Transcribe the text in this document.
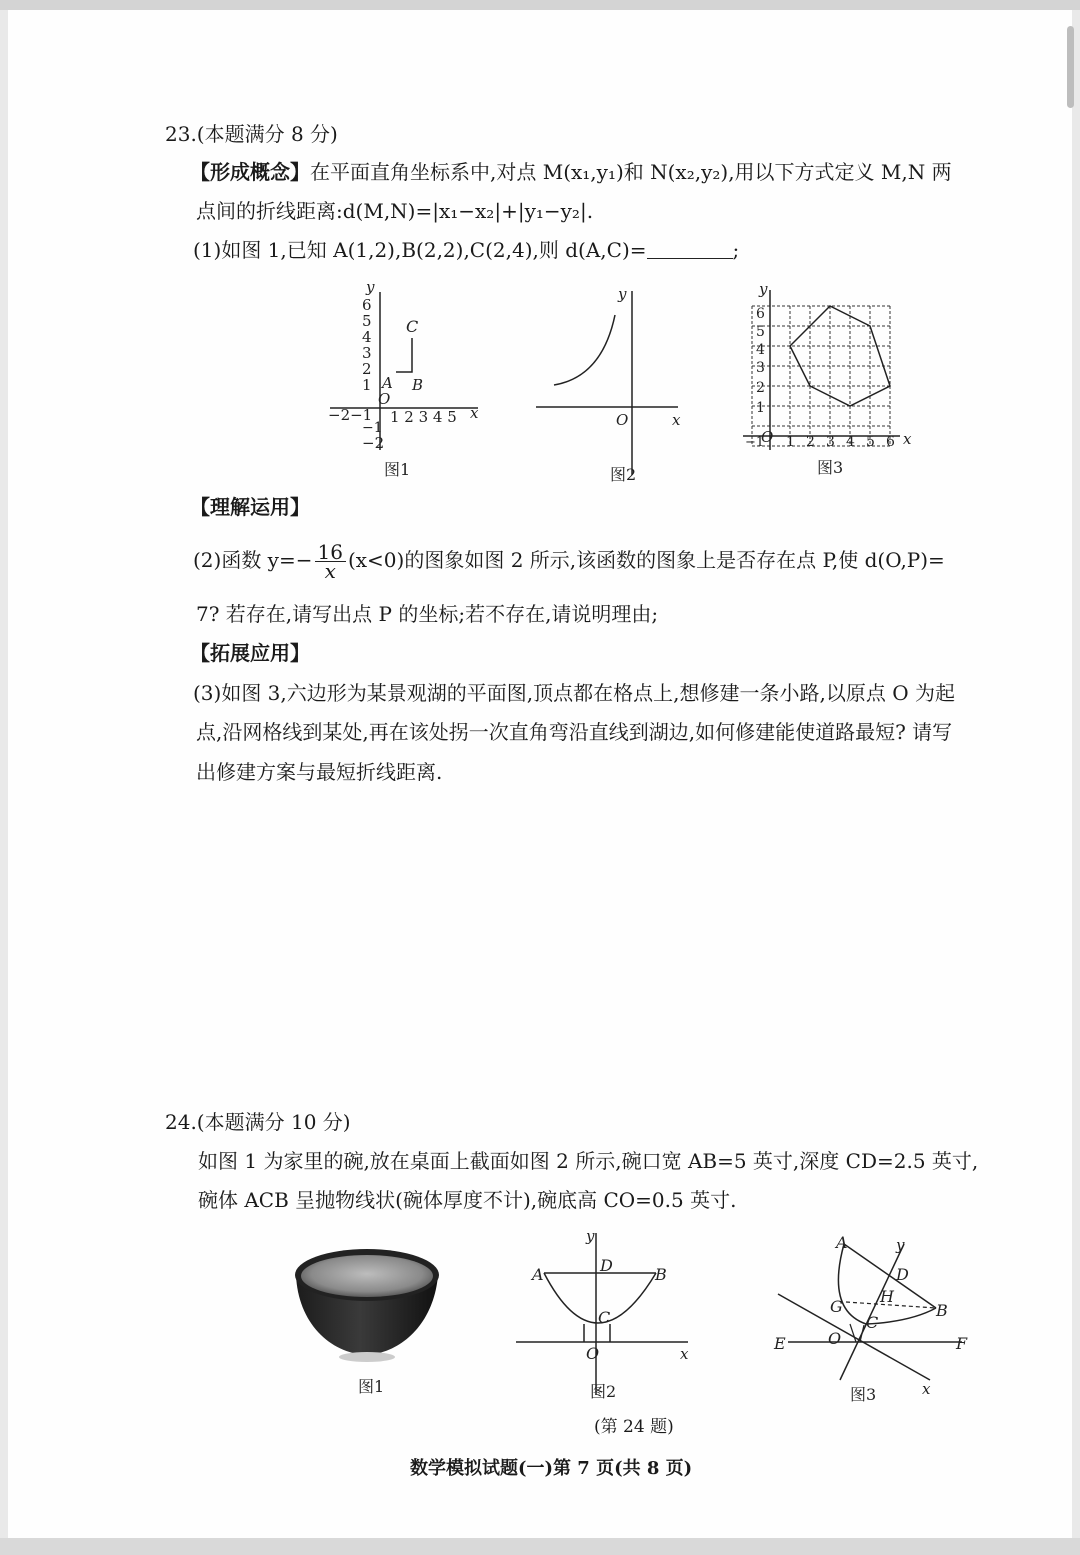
23.(本题满分 8 分)
【形成概念】在平面直角坐标系中,对点 M(x₁,y₁)和 N(x₂,y₂),用以下方式定义 M,N 两
点间的折线距离:d(M,N)=|x₁−x₂|+|y₁−y₂|.
(1)如图 1,已知 A(1,2),B(2,2),C(2,4),则 d(A,C)=	;
y
x
6
5
4
3
2
1
O
1 2 3 4 5
−2−1
−1
−2
A B
C
图1
y
x
O
图2
y
x
6
5
4
3
2
1
1 2 3 4 5 6
−1
O
图3
【理解运用】
(2)函数 $y=- \frac{16}{x} (x<0)$的图象如图 2 所示,该函数的图象上是否存在点 P,使 d(O,P)=
7? 若存在,请写出点 P 的坐标;若不存在,请说明理由;
【拓展应用】
(3)如图 3,六边形为某景观湖的平面图,顶点都在格点上,想修建一条小路,以原点 O 为起
点,沿网格线到某处,再在该处拐一次直角弯沿直线到湖边,如何修建能使道路最短? 请写
出修建方案与最短折线距离.
24.(本题满分 10 分)
如图 1 为家里的碗,放在桌面上截面如图 2 所示,碗口宽 AB=5 英寸,深度 CD=2.5 英寸,
碗体 ACB 呈抛物线状(碗体厚度不计),碗底高 CO=0.5 英寸.
图1
y
x
A	B
D
C
O
图2
A	y
D
H
G	B
C
O
E	F
x
图3
(第 24 题)
数学模拟试题(一)第 7 页(共 8 页)
